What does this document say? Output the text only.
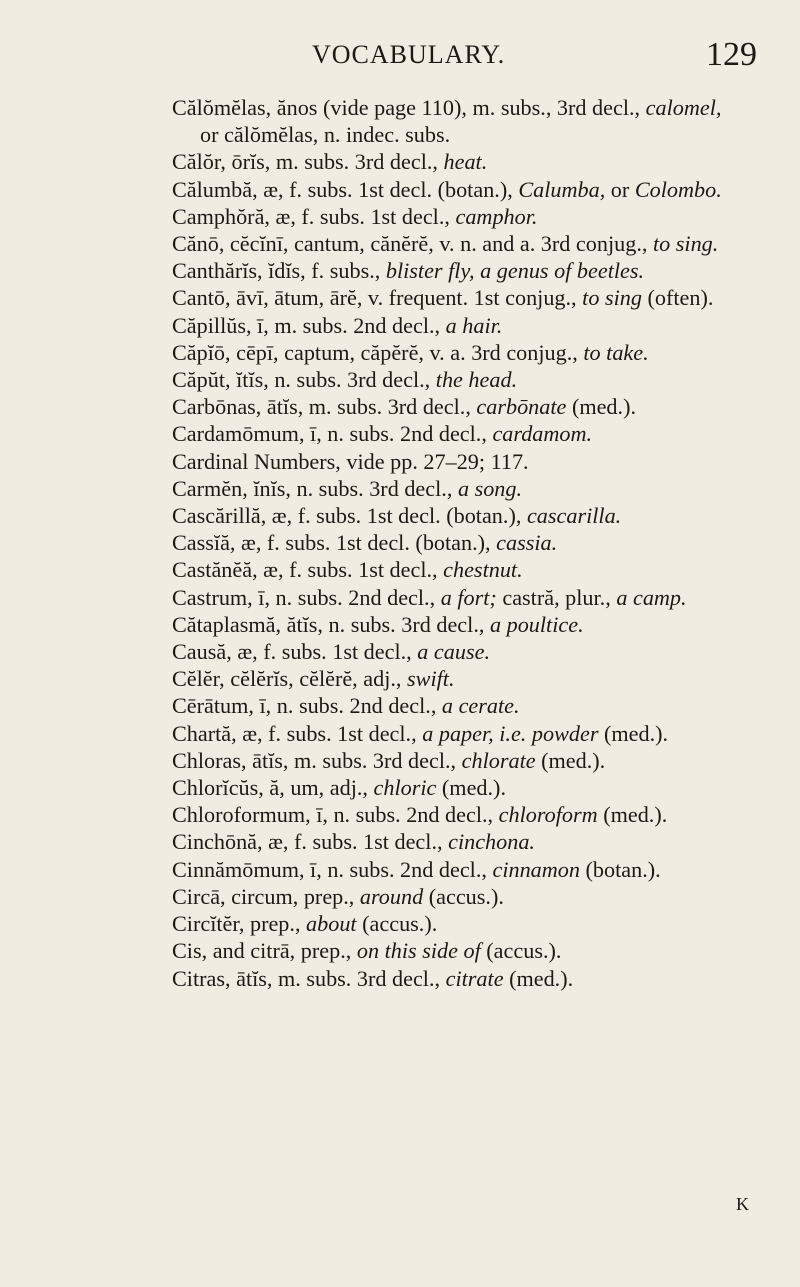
VOCABULARY.	129
Călŏmĕlas, ănos (vide page 110), m. subs., 3rd decl., calomel,
or călŏmĕlas, n. indec. subs.
Călŏr, ōrĭs, m. subs. 3rd decl., heat.
Călumbă, æ, f. subs. 1st decl. (botan.), Calumba, or Colombo.
Camphŏră, æ, f. subs. 1st decl., camphor.
Cănō, cĕcĭnī, cantum, cănĕrĕ, v. n. and a. 3rd conjug., to sing.
Canthărĭs, ĭdĭs, f. subs., blister fly, a genus of beetles.
Cantō, āvī, ātum, ārĕ, v. frequent. 1st conjug., to sing (often).
Căpillŭs, ī, m. subs. 2nd decl., a hair.
Căpĭō, cēpī, captum, căpĕrĕ, v. a. 3rd conjug., to take.
Căpŭt, ĭtĭs, n. subs. 3rd decl., the head.
Carbōnas, ātĭs, m. subs. 3rd decl., carbōnate (med.).
Cardamōmum, ī, n. subs. 2nd decl., cardamom.
Cardinal Numbers, vide pp. 27–29; 117.
Carmĕn, ĭnĭs, n. subs. 3rd decl., a song.
Cascărillă, æ, f. subs. 1st decl. (botan.), cascarilla.
Cassĭă, æ, f. subs. 1st decl. (botan.), cassia.
Castănĕă, æ, f. subs. 1st decl., chestnut.
Castrum, ī, n. subs. 2nd decl., a fort; castră, plur., a camp.
Cătaplasmă, ătĭs, n. subs. 3rd decl., a poultice.
Causă, æ, f. subs. 1st decl., a cause.
Cĕlĕr, cĕlĕrĭs, cĕlĕrĕ, adj., swift.
Cērātum, ī, n. subs. 2nd decl., a cerate.
Chartă, æ, f. subs. 1st decl., a paper, i.e. powder (med.).
Chloras, ātĭs, m. subs. 3rd decl., chlorate (med.).
Chlorĭcŭs, ă, um, adj., chloric (med.).
Chloroformum, ī, n. subs. 2nd decl., chloroform (med.).
Cinchōnă, æ, f. subs. 1st decl., cinchona.
Cinnămōmum, ī, n. subs. 2nd decl., cinnamon (botan.).
Circā, circum, prep., around (accus.).
Circĭtĕr, prep., about (accus.).
Cis, and citrā, prep., on this side of (accus.).
Citras, ātĭs, m. subs. 3rd decl., citrate (med.).
K
